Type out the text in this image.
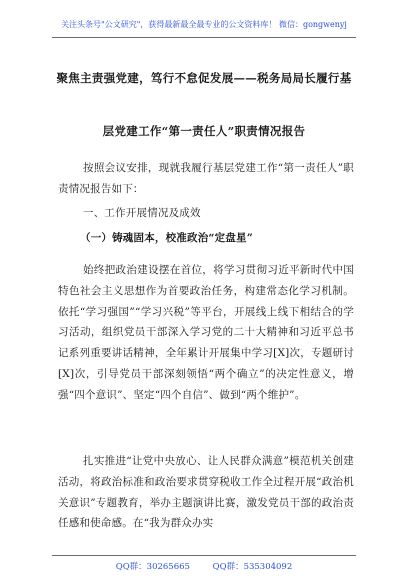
关注头条号"公文研究"，获得最新最全最专业的公文资料库！ 微信：gongwenyj
聚焦主责强党建，笃行不怠促发展——税务局局长履行基
层党建工作“第一责任人”职责情况报告
按照会议安排，现就我履行基层党建工作“第一责任人”职责情况报告如下：
一、工作开展情况及成效
（一）铸魂固本，校准政治“定盘星”
始终把政治建设摆在首位，将学习贯彻习近平新时代中国特色社会主义思想作为首要政治任务，构建常态化学习机制。依托“学习强国”“学习兴税”等平台，开展线上线下相结合的学习活动，组织党员干部深入学习党的二十大精神和习近平总书记系列重要讲话精神，全年累计开展集中学习[X]次，专题研讨[X]次，引导党员干部深刻领悟“两个确立”的决定性意义，增强“四个意识”、坚定“四个自信”、做到“两个维护”。
扎实推进“让党中央放心、让人民群众满意”模范机关创建活动，将政治标准和政治要求贯穿税收工作全过程开展“政治机关意识”专题教育，举办主题演讲比赛，激发党员干部的政治责任感和使命感。在“我为群众办实
QQ群：30265665	QQ群：535304092
